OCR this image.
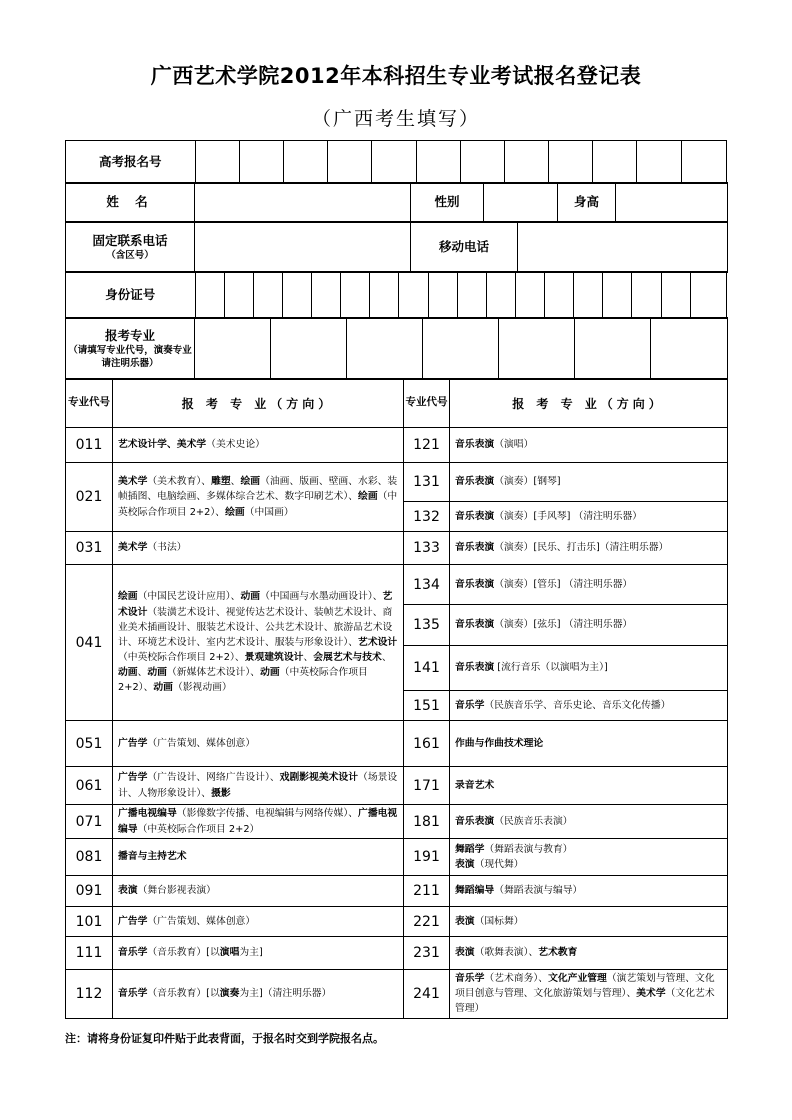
广西艺术学院2012年本科招生专业考试报名登记表
（广西考生填写）
高考报名号												
姓 名		性别		身高	
固定联系电话
（含区号）
		移动电话	
身份证号																		
报考专业
（请填写专业代号，演奏专业请注明乐器）

专业代号	报 考 专 业（方向）	专业代号	报 考 专 业（方向）
011	艺术设计学、美术学（美术史论）	121	音乐表演（演唱）
021	美术学（美术教育）、雕塑、绘画（油画、版画、壁画、水彩、装帧插图、电脑绘画、多媒体综合艺术、数字印刷艺术）、绘画（中英校际合作项目 2+2）、绘画（中国画）	131	音乐表演（演奏）[钢琴]
		132	音乐表演（演奏）[手风琴] （清注明乐器）
031	美术学（书法）	133	音乐表演（演奏）[民乐、打击乐]（清注明乐器）
041	绘画（中国民艺设计应用）、动画（中国画与水墨动画设计）、艺术设计（装潢艺术设计、视觉传达艺术设计、装帧艺术设计、商业美术插画设计、服装艺术设计、公共艺术设计、旅游品艺术设计、环境艺术设计、室内艺术设计、服装与形象设计）、艺术设计（中英校际合作项目 2+2）、景观建筑设计、会展艺术与技术、动画、动画（新媒体艺术设计）、动画（中英校际合作项目 2+2）、动画（影视动画）	134	音乐表演（演奏）[管乐] （清注明乐器）
		135	音乐表演（演奏）[弦乐] （清注明乐器）
		141	音乐表演 [流行音乐（以演唱为主）]
		151	音乐学（民族音乐学、音乐史论、音乐文化传播）
051	广告学（广告策划、媒体创意）	161	作曲与作曲技术理论
061	广告学（广告设计、网络广告设计）、戏剧影视美术设计（场景设计、人物形象设计）、摄影	171	录音艺术
071	广播电视编导（影像数字传播、电视编辑与网络传媒）、广播电视编导（中英校际合作项目 2+2）	181	音乐表演（民族音乐表演）
081	播音与主持艺术	191	舞蹈学（舞蹈表演与教育）
表演（现代舞）
091	表演（舞台影视表演）	211	舞蹈编导（舞蹈表演与编导）
101	广告学（广告策划、媒体创意）	221	表演（国标舞）
111	音乐学（音乐教育）[以演唱为主]	231	表演（歌舞表演）、艺术教育
112	音乐学（音乐教育）[以演奏为主]（清注明乐器）	241	音乐学（艺术商务）、文化产业管理（演艺策划与管理、文化项目创意与管理、文化旅游策划与管理）、美术学（文化艺术管理）
注：请将身份证复印件贴于此表背面，于报名时交到学院报名点。
